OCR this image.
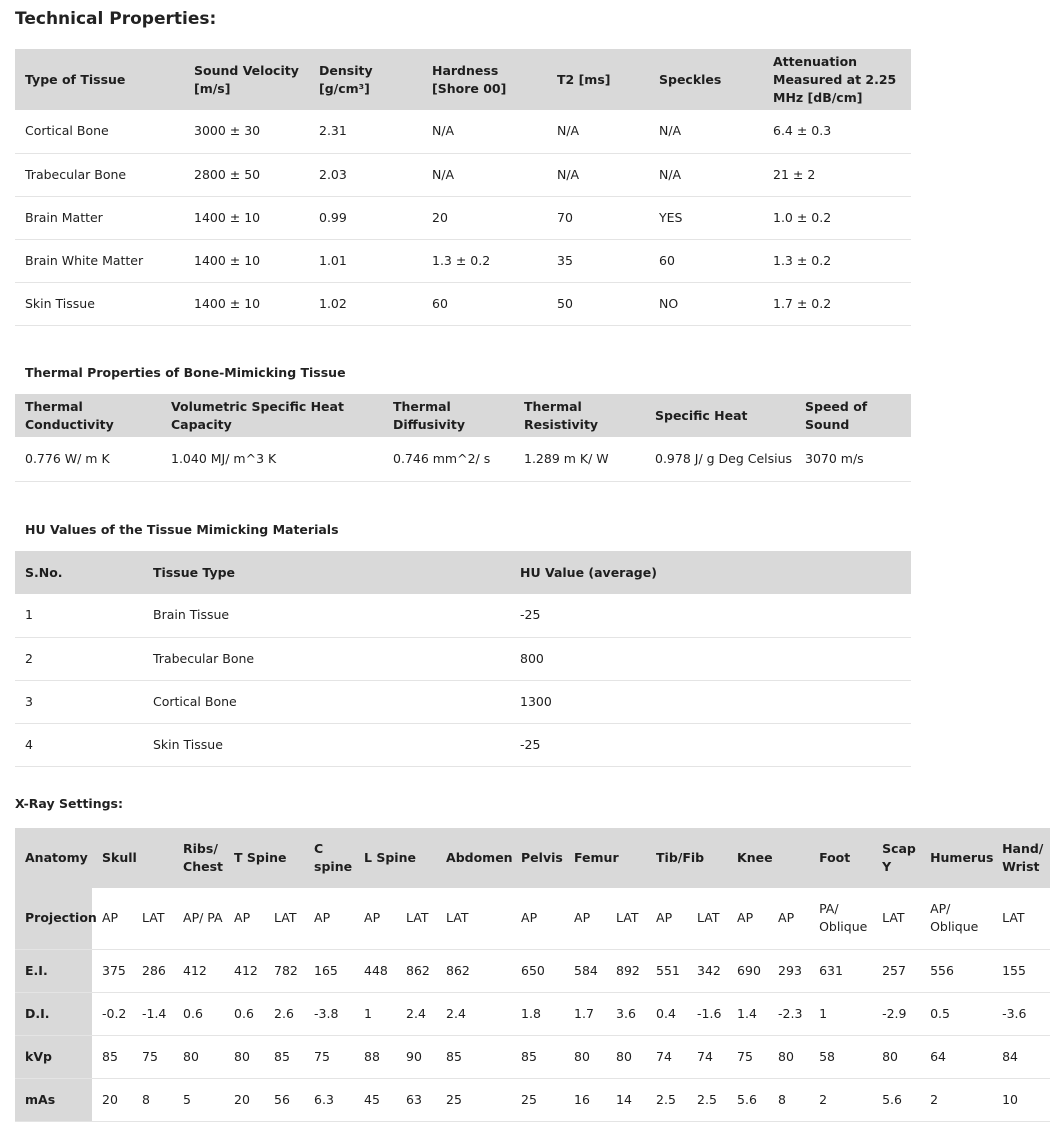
Technical Properties:
Type of Tissue	Sound Velocity [m/s]	Density [g/cm³]	Hardness [Shore 00]	T2 [ms]	Speckles	Attenuation Measured at 2.25 MHz [dB/cm]
Cortical Bone	3000 ± 30	2.31	N/A	N/A	N/A	6.4 ± 0.3
Trabecular Bone	2800 ± 50	2.03	N/A	N/A	N/A	21 ± 2
Brain Matter	1400 ± 10	0.99	20	70	YES	1.0 ± 0.2
Brain White Matter	1400 ± 10	1.01	1.3 ± 0.2	35	60	1.3 ± 0.2
Skin Tissue	1400 ± 10	1.02	60	50	NO	1.7 ± 0.2
Thermal Properties of Bone-Mimicking Tissue
Thermal Conductivity	Volumetric Specific Heat Capacity	Thermal Diffusivity	Thermal Resistivity	Specific Heat	Speed of Sound
0.776 W/ m K	1.040 MJ/ m^3 K	0.746 mm^2/ s	1.289 m K/ W	0.978 J/ g Deg Celsius	3070 m/s
HU Values of the Tissue Mimicking Materials
S.No.	Tissue Type	HU Value (average)
1	Brain Tissue	-25
2	Trabecular Bone	800
3	Cortical Bone	1300
4	Skin Tissue	-25
X-Ray Settings:
Anatomy	Skull		Ribs/ Chest	T Spine		C spine	L Spine		Abdomen	Pelvis	Femur		Tib/Fib		Knee		Foot	Scap Y	Humerus	Hand/ Wrist
Projection	AP	LAT	AP/ PA	AP	LAT	AP	AP	LAT	LAT	AP	AP	LAT	AP	LAT	AP	AP	PA/ Oblique	LAT	AP/ Oblique	LAT
E.I.	375	286	412	412	782	165	448	862	862	650	584	892	551	342	690	293	631	257	556	155
D.I.	-0.2	-1.4	0.6	0.6	2.6	-3.8	1	2.4	2.4	1.8	1.7	3.6	0.4	-1.6	1.4	-2.3	1	-2.9	0.5	-3.6
kVp	85	75	80	80	85	75	88	90	85	85	80	80	74	74	75	80	58	80	64	84
mAs	20	8	5	20	56	6.3	45	63	25	25	16	14	2.5	2.5	5.6	8	2	5.6	2	10
